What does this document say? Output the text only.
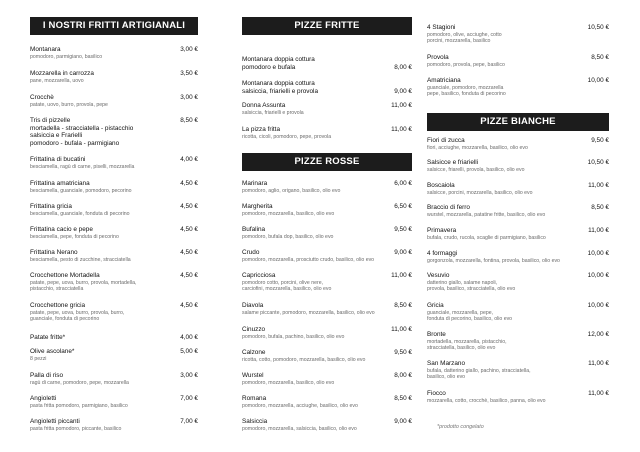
I NOSTRI FRITTI ARTIGIANALI
Montanara
pomodoro, parmigiano, basilico
3,00 €
Mozzarella in carrozza
pane, mozzarella, uovo
3,50 €
Crocchè
patate, uovo, burro, provola, pepe
3,00 €
Tris di pizzelle
mortadella - stracciatella - pistacchio
salsiccia e Frarielli
pomodoro - bufala - parmigiano
8,50 €
Frittatina di bucatini
besciamella, ragù di carne, piselli, mozzarella
4,00 €
Frittatina amatriciana
besciamella, guanciale, pomodoro, pecorino
4,50 €
Frittatina gricia
besciamella, guanciale, fonduta di pecorino
4,50 €
Frittatina cacio e pepe
besciamella, pepe, fonduta di pecorino
4,50 €
Frittatina Nerano
besciamella, pesto di zucchine, stracciatella
4,50 €
Crocchettone Mortadella
patate, pepe, uova, burro, provola, mortadella,
pistacchio, stracciatella
4,50 €
Crocchettone gricia
patate, pepe, uova, burro, provola, burro,
guanciale, fonduta di pecorino
4,50 €
Patate fritte*	4,00 €
Olive ascolane*
8 pezzi
5,00 €
Palla di riso
ragù di carne, pomodoro, pepe, mozzarella
3,00 €
Angioletti
pasta fritta pomodoro, parmigiano, basilico
7,00 €
Angioletti piccanti
pasta fritta pomodoro, piccante, basilico
7,00 €
PIZZE FRITTE
Montanara doppia cottura
pomodoro e bufala	8,00 €
Montanara doppia cottura
salsiccia, friarielli e provola	9,00 €
Donna Assunta
salsiccia, friarielli e provola
11,00 €
La pizza fritta
ricotta, cicoli, pomodoro, pepe, provola
11,00 €
PIZZE ROSSE
Marinara
pomodoro, aglio, origano, basilico, olio evo
6,00 €
Margherita
pomodoro, mozzarella, basilico, olio evo
6,50 €
Bufalina
pomodoro, bufala dop, basilico, olio evo
9,50 €
Crudo
pomodoro, mozzarella, prosciutto crudo, basilico, olio evo
9,00 €
Capricciosa
pomodoro cotto, porcini, olive nere,
carciofini, mozzarella, basilico, olio evo
11,00 €
Diavola
salame piccante, pomodoro, mozzarella, basilico, olio evo
8,50 €
Cinuzzo
pomodoro, bufala, pachino, basilico, olio evo
11,00 €
Calzone
ricotta, cotto, pomodoro, mozzarella, basilico, olio evo
9,50 €
Wurstel
pomodoro, mozzarella, basilico, olio evo
8,00 €
Romana
pomodoro, mozzarella, acciughe, basilico, olio evo
8,50 €
Salsiccia
pomodoro, mozzarella, salsiccia, basilico, olio evo
9,00 €
4 Stagioni
pomodoro, olive, acciughe, cotto
porcini, mozzarella, basilico
10,50 €
Provola
pomodoro, provola, pepe, basilico
8,50 €
Amatriciana
guanciale, pomodoro, mozzarella
pepe, basilico, fonduta di pecorino
10,00 €
PIZZE BIANCHE
Fiori di zucca
fiori, acciughe, mozzarella, basilico, olio evo
9,50 €
Salsicce e friarielli
salsicce, friarelli, provola, basilico, olio evo
10,50 €
Boscaiola
salsicce, porcini, mozzarella, basilico, olio evo
11,00 €
Braccio di ferro
wurstel, mozzarella, patatine fritte, basilico, olio evo
8,50 €
Primavera
bufala, crudo, rucola, scaglie di parmigiano, basilico
11,00 €
4 formaggi
gorgonzola, mozzarella, fontina, provola, basilico, olio evo
10,00 €
Vesuvio
datterino giallo, salame napoli,
provola, basilico, stracciatella, olio evo
10,00 €
Gricia
guanciale, mozzarella, pepe,
fonduta di pecorino, basilico, olio evo
10,00 €
Bronte
mortadella, mozzarella, pistacchio,
stracciatella, basilico, olio evo
12,00 €
San Marzano
bufala, datterino giallo, pachino, stracciatella,
basilico, olio evo
11,00 €
Fiocco
mozzarella, cotto, crocchè, basilico, panna, olio evo
11,00 €
*prodotto congelato
